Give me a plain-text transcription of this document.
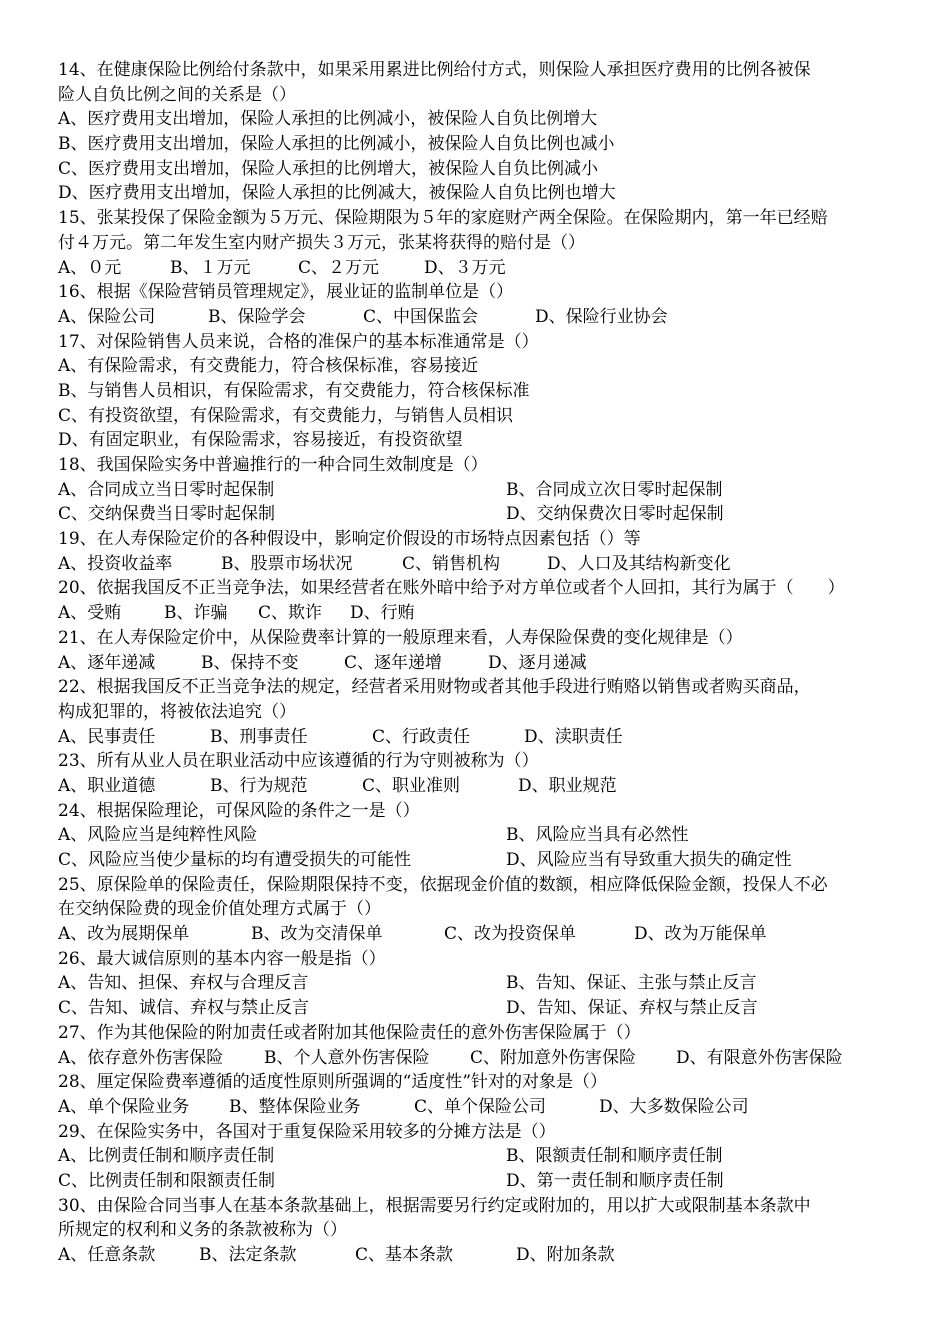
14、在健康保险比例给付条款中，如果采用累进比例给付方式，则保险人承担医疗费用的比例各被保
险人自负比例之间的关系是（）
A、医疗费用支出增加，保险人承担的比例减小，被保险人自负比例增大
B、医疗费用支出增加，保险人承担的比例减小，被保险人自负比例也减小
C、医疗费用支出增加，保险人承担的比例增大，被保险人自负比例减小
D、医疗费用支出增加，保险人承担的比例减大，被保险人自负比例也增大
15、张某投保了保险金额为５万元、保险期限为５年的家庭财产两全保险。在保险期内，第一年已经赔
付４万元。第二年发生室内财产损失３万元，张某将获得的赔付是（）
A、０元	B、１万元	C、２万元	D、３万元
16、根据《保险营销员管理规定》，展业证的监制单位是（）
A、保险公司	B、保险学会	C、中国保监会	D、保险行业协会
17、对保险销售人员来说，合格的准保户的基本标准通常是（）
A、有保险需求，有交费能力，符合核保标准，容易接近
B、与销售人员相识，有保险需求，有交费能力，符合核保标准
C、有投资欲望，有保险需求，有交费能力，与销售人员相识
D、有固定职业，有保险需求，容易接近，有投资欲望
18、我国保险实务中普遍推行的一种合同生效制度是（）
A、合同成立当日零时起保制	B、合同成立次日零时起保制
C、交纳保费当日零时起保制	D、交纳保费次日零时起保制
19、在人寿保险定价的各种假设中，影响定价假设的市场特点因素包括（）等
A、投资收益率	B、股票市场状况	C、销售机构	D、人口及其结构新变化
20、依据我国反不正当竞争法，如果经营者在账外暗中给予对方单位或者个人回扣，其行为属于（　　）
A、受贿	B、诈骗 C、欺诈 D、行贿
21、在人寿保险定价中，从保险费率计算的一般原理来看，人寿保险保费的变化规律是（）
A、逐年递减	B、保持不变	C、逐年递增	D、逐月递减
22、根据我国反不正当竞争法的规定，经营者采用财物或者其他手段进行贿赂以销售或者购买商品，
构成犯罪的，将被依法追究（）
A、民事责任	B、刑事责任	C、行政责任	D、渎职责任
23、所有从业人员在职业活动中应该遵循的行为守则被称为（）
A、职业道德	B、行为规范	C、职业准则	D、职业规范
24、根据保险理论，可保风险的条件之一是（）
A、风险应当是纯粹性风险	B、风险应当具有必然性
C、风险应当使少量标的均有遭受损失的可能性	D、风险应当有导致重大损失的确定性
25、原保险单的保险责任，保险期限保持不变，依据现金价值的数额，相应降低保险金额，投保人不必
在交纳保险费的现金价值处理方式属于（）
A、改为展期保单	B、改为交清保单	C、改为投资保单	D、改为万能保单
26、最大诚信原则的基本内容一般是指（）
A、告知、担保、弃权与合理反言	B、告知、保证、主张与禁止反言
C、告知、诚信、弃权与禁止反言	D、告知、保证、弃权与禁止反言
27、作为其他保险的附加责任或者附加其他保险责任的意外伤害保险属于（）
A、依存意外伤害保险 B、个人意外伤害保险 C、附加意外伤害保险 D、有限意外伤害保险
28、厘定保险费率遵循的适度性原则所强调的“适度性”针对的对象是（）
A、单个保险业务 B、整体保险业务	C、单个保险公司	D、大多数保险公司
29、在保险实务中，各国对于重复保险采用较多的分摊方法是（）
A、比例责任制和顺序责任制	B、限额责任制和顺序责任制
C、比例责任制和限额责任制	D、第一责任制和顺序责任制
30、由保险合同当事人在基本条款基础上，根据需要另行约定或附加的，用以扩大或限制基本条款中
所规定的权利和义务的条款被称为（）
A、任意条款	B、法定条款	C、基本条款	D、附加条款
